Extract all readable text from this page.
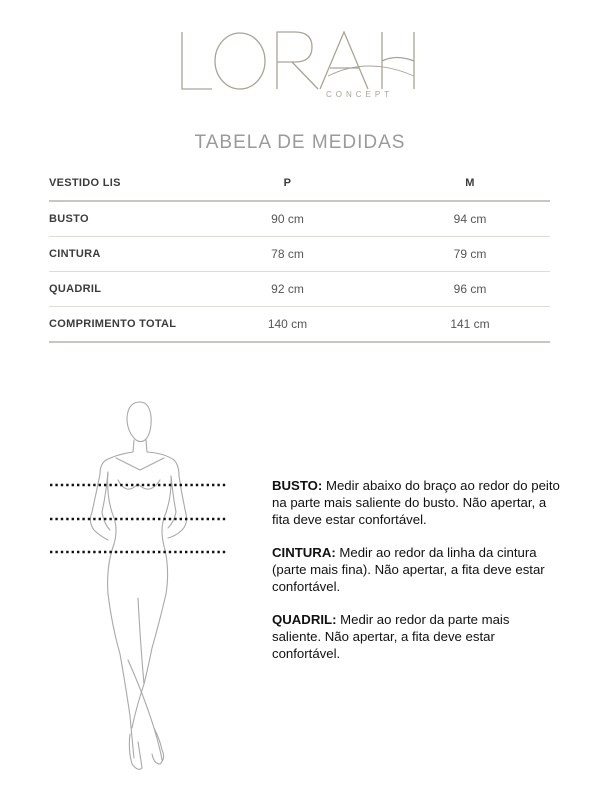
CONCEPT
TABELA DE MEDIDAS
VESTIDO LIS	P	M
BUSTO	90 cm	94 cm
CINTURA	78 cm	79 cm
QUADRIL	92 cm	96 cm
COMPRIMENTO TOTAL	140 cm	141 cm

BUSTO: Medir abaixo do braço ao redor do peito na parte mais saliente do busto. Não apertar, a fita deve estar confortável.

CINTURA: Medir ao redor da linha da cintura (parte mais fina). Não apertar, a fita deve estar confortável.

QUADRIL: Medir ao redor da parte mais saliente. Não apertar, a fita deve estar confortável.
